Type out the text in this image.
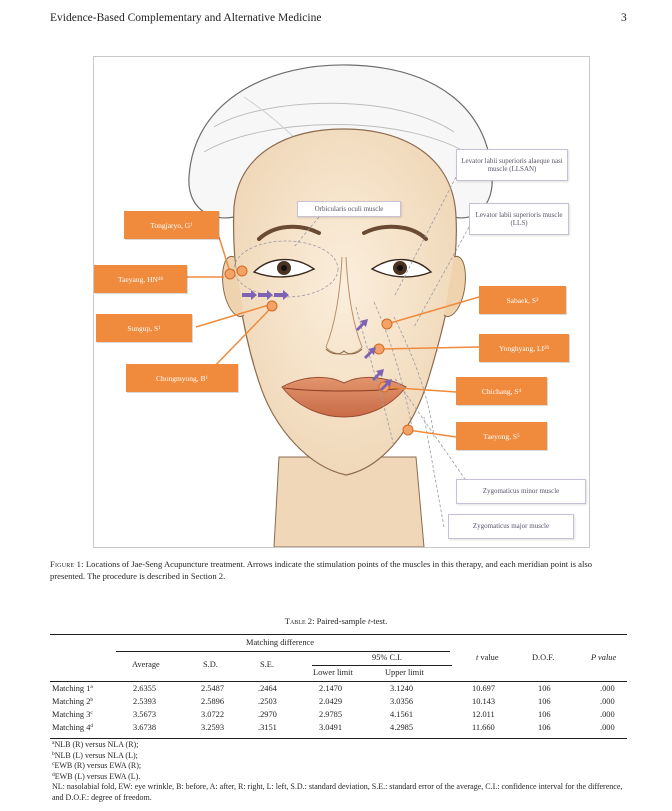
Evidence-Based Complementary and Alternative Medicine	3
Tongjaryo, G 1
Taeyang, HN 46
Sungup, S 1
Chongmyong, B 1
Sabaek, S 2
Yonghyang, LI 20
Chichang, S 4
Taeyong, S 5
Orbicularis oculi muscle
Levator labii superioris alaeque nasi muscle (LLSAN)
Levator labii superioris muscle (LLS)
Zygomaticus minor muscle
Zygomaticus major muscle
Figure 1: Locations of Jae-Seng Acupuncture treatment. Arrows indicate the stimulation points of the muscles in this therapy, and each meridian point is also presented. The procedure is described in Section 2.
Table 2: Paired-sample t-test.
Matching difference
95% C.I.
Average	S.D.	S.E.
Lower limit	Upper limit
t value	D.O.F.	P value
Matching 1$^a$	2.6355	2.5487	.2464	2.1470	3.1240	10.697	106	.000
Matching 2$^b$	2.5393	2.5896	.2503	2.0429	3.0356	10.143	106	.000
Matching 3$^c$	3.5673	3.0722	.2970	2.9785	4.1561	12.011	106	.000
Matching 4$^d$	3.6738	3.2593	.3151	3.0491	4.2985	11.660	106	.000
$^a$NLB (R) versus NLA (R);
$^b$NLB (L) versus NLA (L);
$^c$EWB (R) versus EWA (R);
$^d$EWB (L) versus EWA (L).
NL: nasolabial fold, EW: eye wrinkle, B: before, A: after, R: right, L: left, S.D.: standard deviation, S.E.: standard error of the average, C.I.: confidence interval for the difference, and D.O.F.: degree of freedom.
